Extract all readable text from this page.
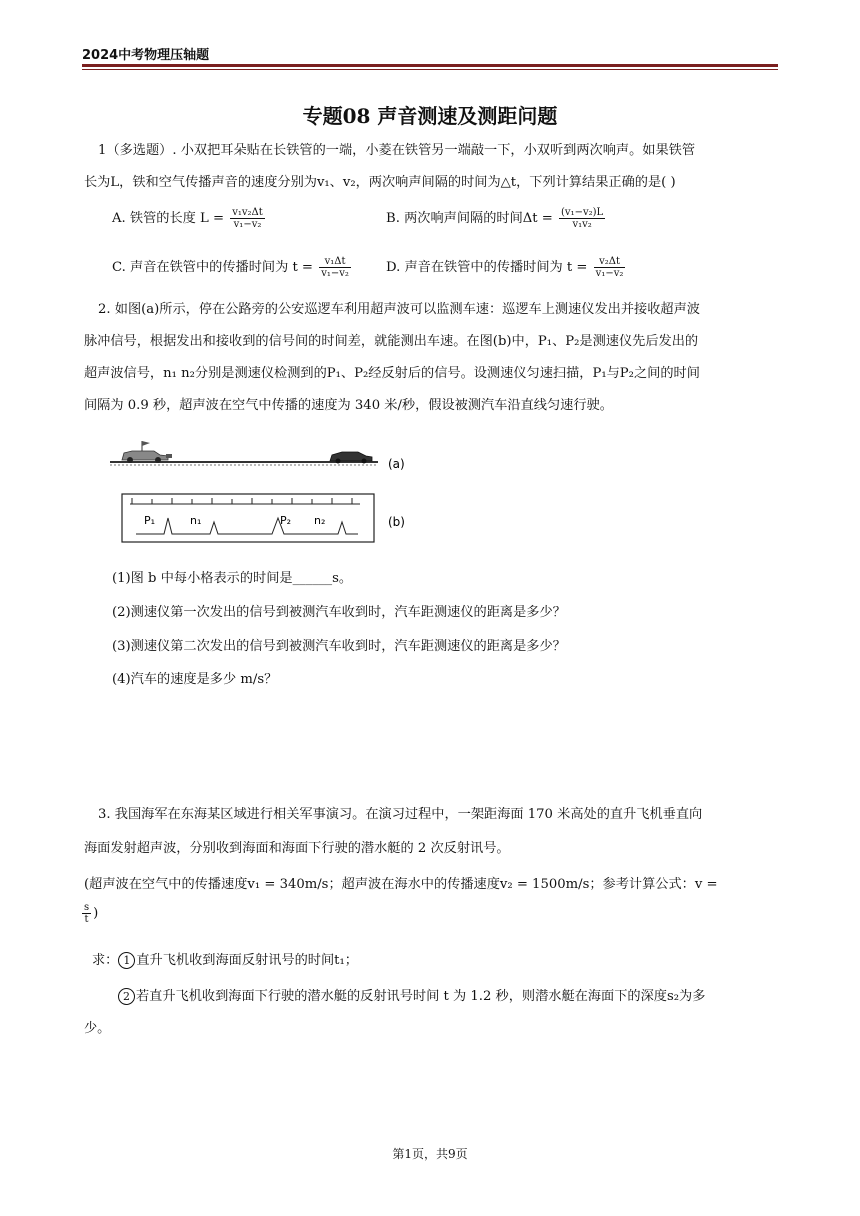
2024中考物理压轴题
专题08 声音测速及测距问题
1（多选题）. 小双把耳朵贴在长铁管的一端，小菱在铁管另一端敲一下，小双听到两次响声。如果铁管
长为L，铁和空气传播声音的速度分别为v₁、v₂，两次响声间隔的时间为△t，下列计算结果正确的是( )
A. 铁管的长度 $L = \frac{\text{v₁v₂Δt}}{\text{v₁−v₂}}$	B. 两次响声间隔的时间$\Delta t = \frac{\text{(v₁−v₂)L}}{\text{v₁v₂}}$
C. 声音在铁管中的传播时间为 $t = \frac{\text{v₁Δt}}{\text{v₁−v₂}}$	D. 声音在铁管中的传播时间为 $t = \frac{\text{v₂Δt}}{\text{v₁−v₂}}$
2. 如图(a)所示，停在公路旁的公安巡逻车利用超声波可以监测车速：巡逻车上测速仪发出并接收超声波
脉冲信号，根据发出和接收到的信号间的时间差，就能测出车速。在图(b)中，P₁、P₂是测速仪先后发出的
超声波信号，n₁ n₂分别是测速仪检测到的P₁、P₂经反射后的信号。设测速仪匀速扫描，P₁与P₂之间的时间
间隔为 0.9 秒，超声波在空气中传播的速度为 340 米/秒，假设被测汽车沿直线匀速行驶。
(a)
P₁	n₁	P₂ n₂	(b)
(1)图 b 中每小格表示的时间是______s。
(2)测速仪第一次发出的信号到被测汽车收到时，汽车距测速仪的距离是多少？
(3)测速仪第二次发出的信号到被测汽车收到时，汽车距测速仪的距离是多少？
(4)汽车的速度是多少 m/s？
3. 我国海军在东海某区域进行相关军事演习。在演习过程中，一架距海面 170 米高处的直升飞机垂直向
海面发射超声波，分别收到海面和海面下行驶的潜水艇的 2 次反射讯号。
(超声波在空气中的传播速度v₁ = 340m/s；超声波在海水中的传播速度v₂ = 1500m/s；参考计算公式：v =
$\frac{s}{t}$ )
求： 1 直升飞机收到海面反射讯号的时间t₁；
2 若直升飞机收到海面下行驶的潜水艇的反射讯号时间 t 为 1.2 秒，则潜水艇在海面下的深度s₂为多
少。
第1页，共9页
